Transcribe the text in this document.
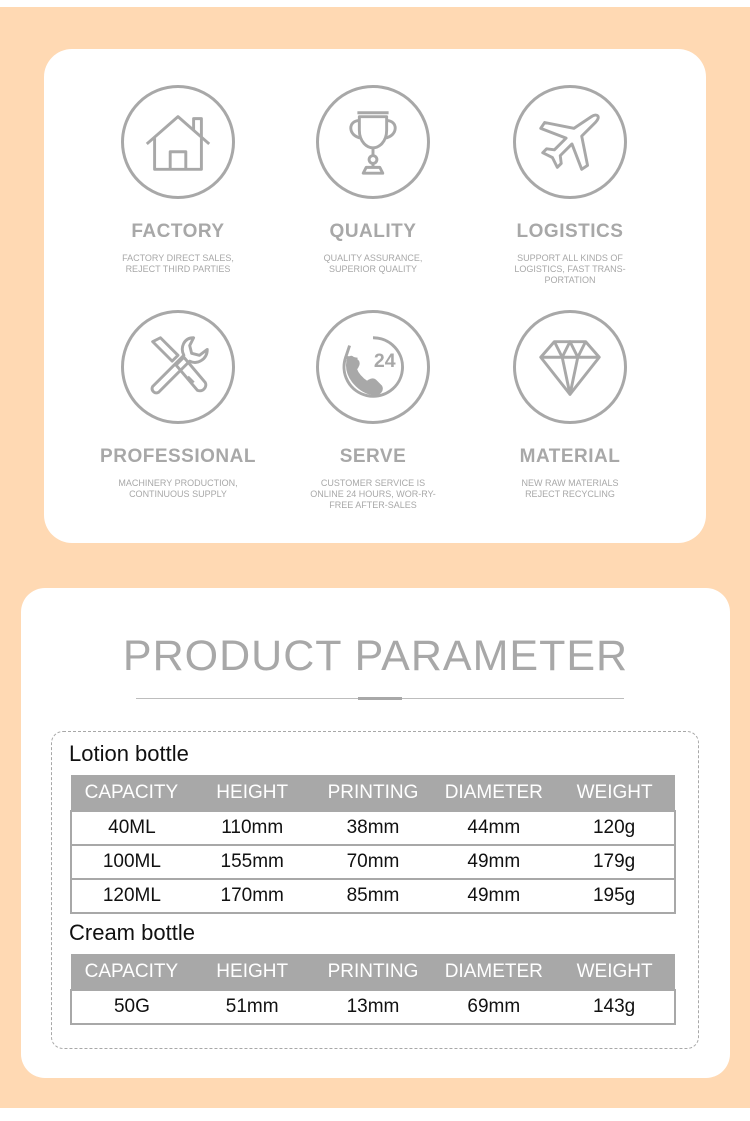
FACTORY
FACTORY DIRECT SALES, REJECT THIRD PARTIES
QUALITY
QUALITY ASSURANCE, SUPERIOR QUALITY
LOGISTICS
SUPPORT ALL KINDS OF LOGISTICS, FAST TRANS-PORTATION
PROFESSIONAL
MACHINERY PRODUCTION, CONTINUOUS SUPPLY
24
SERVE
CUSTOMER SERVICE IS ONLINE 24 HOURS, WOR-RY-FREE AFTER-SALES
MATERIAL
NEW RAW MATERIALS REJECT RECYCLING
PRODUCT PARAMETER
Lotion bottle
CAPACITY	HEIGHT	PRINTING	DIAMETER	WEIGHT
40ML	110mm	38mm	44mm	120g
100ML	155mm	70mm	49mm	179g
120ML	170mm	85mm	49mm	195g
Cream bottle
CAPACITY	HEIGHT	PRINTING	DIAMETER	WEIGHT
50G	51mm	13mm	69mm	143g
